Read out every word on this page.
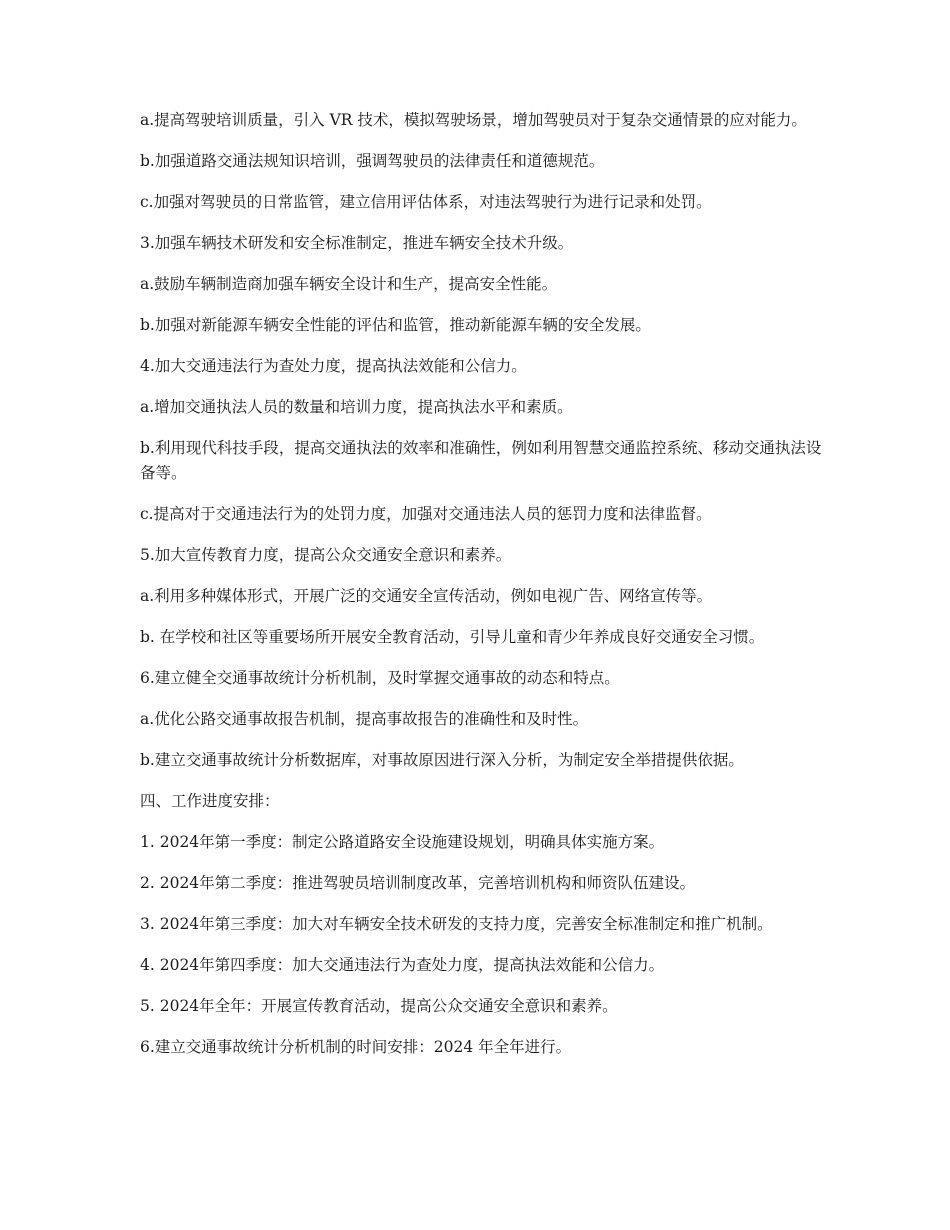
a.提高驾驶培训质量，引入 VR 技术，模拟驾驶场景，增加驾驶员对于复杂交通情景的应对能力。

b.加强道路交通法规知识培训，强调驾驶员的法律责任和道德规范。

c.加强对驾驶员的日常监管，建立信用评估体系，对违法驾驶行为进行记录和处罚。

3.加强车辆技术研发和安全标准制定，推进车辆安全技术升级。

a.鼓励车辆制造商加强车辆安全设计和生产，提高安全性能。

b.加强对新能源车辆安全性能的评估和监管，推动新能源车辆的安全发展。

4.加大交通违法行为查处力度，提高执法效能和公信力。

a.增加交通执法人员的数量和培训力度，提高执法水平和素质。

b.利用现代科技手段，提高交通执法的效率和准确性，例如利用智慧交通监控系统、移动交通执法设备等。

c.提高对于交通违法行为的处罚力度，加强对交通违法人员的惩罚力度和法律监督。

5.加大宣传教育力度，提高公众交通安全意识和素养。

a.利用多种媒体形式，开展广泛的交通安全宣传活动，例如电视广告、网络宣传等。

b. 在学校和社区等重要场所开展安全教育活动，引导儿童和青少年养成良好交通安全习惯。

6.建立健全交通事故统计分析机制，及时掌握交通事故的动态和特点。

a.优化公路交通事故报告机制，提高事故报告的准确性和及时性。

b.建立交通事故统计分析数据库，对事故原因进行深入分析，为制定安全举措提供依据。

四、工作进度安排：

1. 2024年第一季度：制定公路道路安全设施建设规划，明确具体实施方案。

2. 2024年第二季度：推进驾驶员培训制度改革，完善培训机构和师资队伍建设。

3. 2024年第三季度：加大对车辆安全技术研发的支持力度，完善安全标准制定和推广机制。

4. 2024年第四季度：加大交通违法行为查处力度，提高执法效能和公信力。

5. 2024年全年：开展宣传教育活动，提高公众交通安全意识和素养。

6.建立交通事故统计分析机制的时间安排：2024 年全年进行。
